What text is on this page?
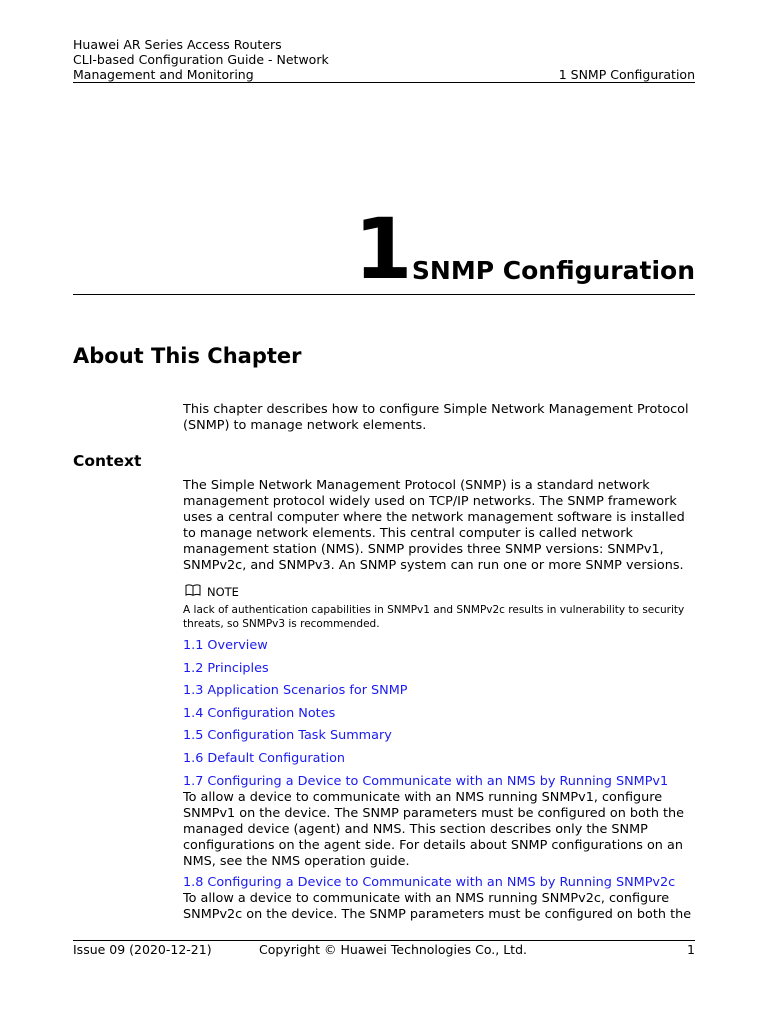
Huawei AR Series Access Routers
CLI-based Configuration Guide - Network
Management and Monitoring	1 SNMP Configuration
1 SNMP Configuration
About This Chapter
This chapter describes how to configure Simple Network Management Protocol (SNMP) to manage network elements.
Context
The Simple Network Management Protocol (SNMP) is a standard network management protocol widely used on TCP/IP networks. The SNMP framework uses a central computer where the network management software is installed to manage network elements. This central computer is called network management station (NMS). SNMP provides three SNMP versions: SNMPv1, SNMPv2c, and SNMPv3. An SNMP system can run one or more SNMP versions.
NOTE
A lack of authentication capabilities in SNMPv1 and SNMPv2c results in vulnerability to security threats, so SNMPv3 is recommended.
1.1 Overview
1.2 Principles
1.3 Application Scenarios for SNMP
1.4 Configuration Notes
1.5 Configuration Task Summary
1.6 Default Configuration
1.7 Configuring a Device to Communicate with an NMS by Running SNMPv1
To allow a device to communicate with an NMS running SNMPv1, configure SNMPv1 on the device. The SNMP parameters must be configured on both the managed device (agent) and NMS. This section describes only the SNMP configurations on the agent side. For details about SNMP configurations on an NMS, see the NMS operation guide.
1.8 Configuring a Device to Communicate with an NMS by Running SNMPv2c
To allow a device to communicate with an NMS running SNMPv2c, configure SNMPv2c on the device. The SNMP parameters must be configured on both the
Issue 09 (2020-12-21)	Copyright © Huawei Technologies Co., Ltd.	1
